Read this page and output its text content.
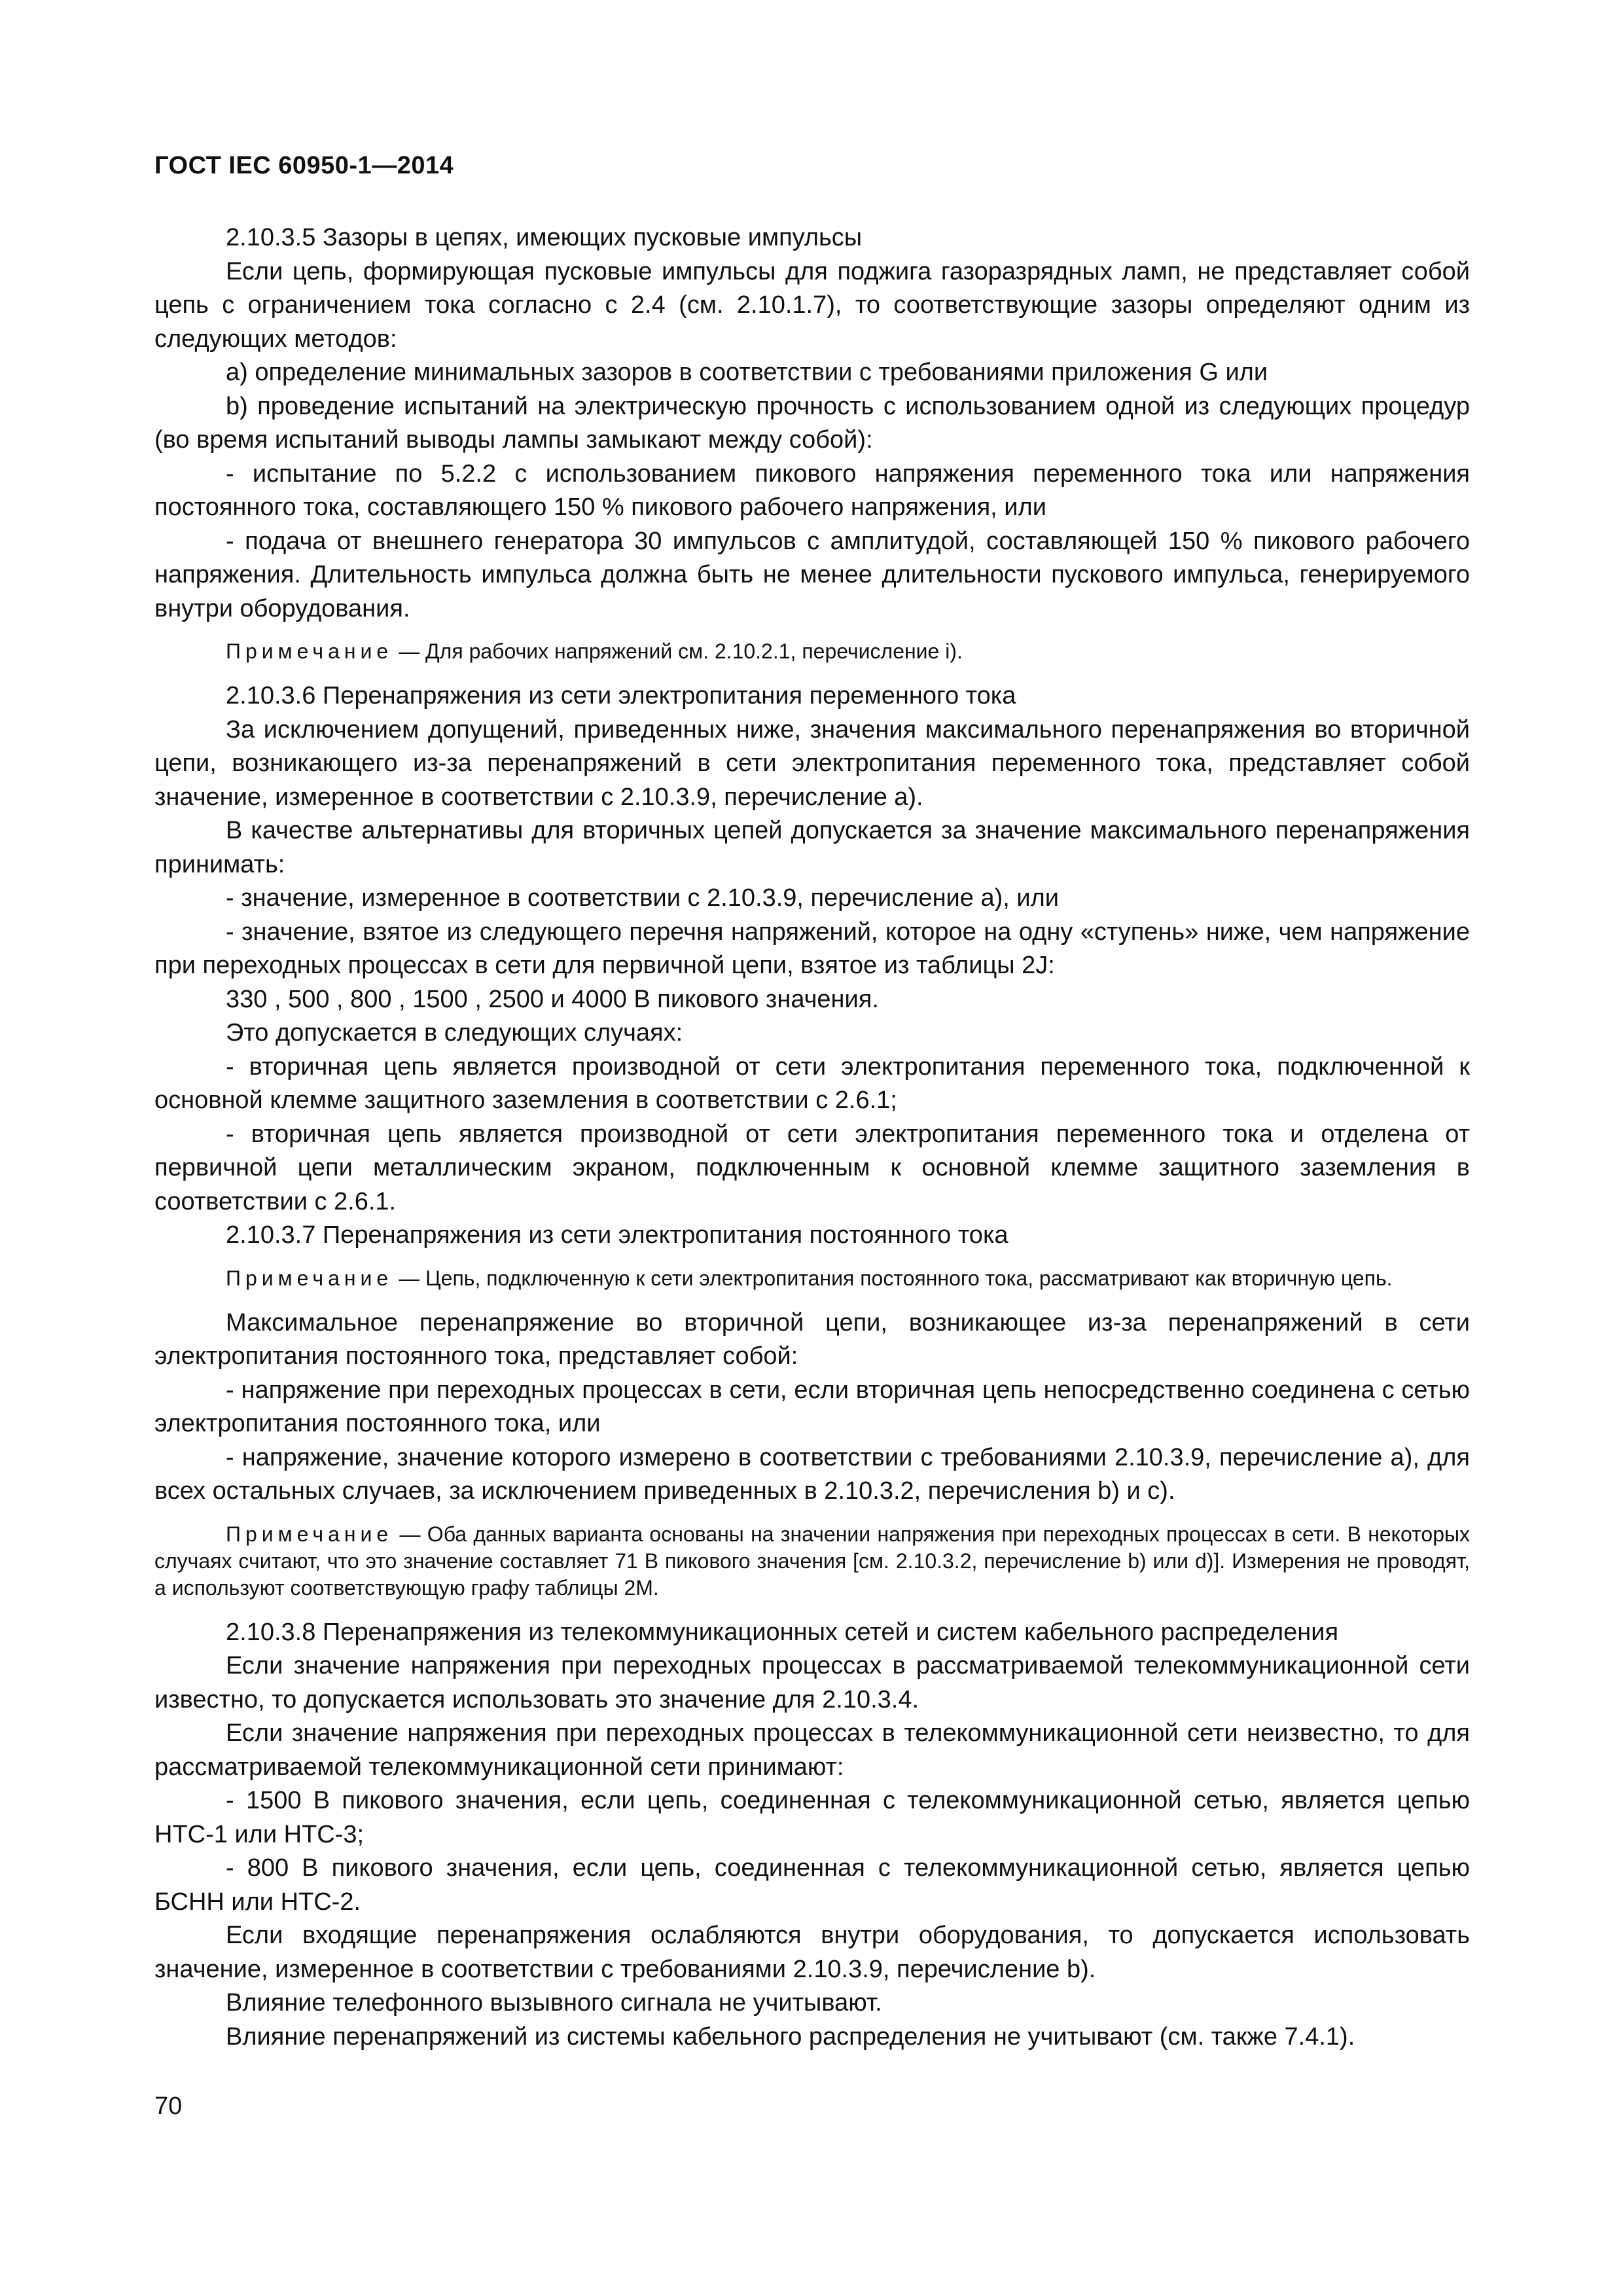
ГОСТ IEC 60950-1—2014

2.10.3.5 Зазоры в цепях, имеющих пусковые импульсы

Если цепь, формирующая пусковые импульсы для поджига газоразрядных ламп, не представляет собой цепь с ограничением тока согласно с 2.4 (см. 2.10.1.7), то соответствующие зазоры определяют одним из следующих методов:

a) определение минимальных зазоров в соответствии с требованиями приложения G или

b) проведение испытаний на электрическую прочность с использованием одной из следующих процедур (во время испытаний выводы лампы замыкают между собой):

- испытание по 5.2.2 с использованием пикового напряжения переменного тока или напряжения постоянного тока, составляющего 150 % пикового рабочего напряжения, или

- подача от внешнего генератора 30 импульсов с амплитудой, составляющей 150 % пикового рабочего напряжения. Длительность импульса должна быть не менее длительности пускового импульса, генерируемого внутри оборудования.

Примечание — Для рабочих напряжений см. 2.10.2.1, перечисление i).

2.10.3.6 Перенапряжения из сети электропитания переменного тока

За исключением допущений, приведенных ниже, значения максимального перенапряжения во вторичной цепи, возникающего из-за перенапряжений в сети электропитания переменного тока, представляет собой значение, измеренное в соответствии с 2.10.3.9, перечисление a).

В качестве альтернативы для вторичных цепей допускается за значение максимального перенапряжения принимать:

- значение, измеренное в соответствии с 2.10.3.9, перечисление a), или

- значение, взятое из следующего перечня напряжений, которое на одну «ступень» ниже, чем напряжение при переходных процессах в сети для первичной цепи, взятое из таблицы 2J:

330 , 500 , 800 , 1500 , 2500 и 4000 В пикового значения.

Это допускается в следующих случаях:

- вторичная цепь является производной от сети электропитания переменного тока, подключенной к основной клемме защитного заземления в соответствии с 2.6.1;

- вторичная цепь является производной от сети электропитания переменного тока и отделена от первичной цепи металлическим экраном, подключенным к основной клемме защитного заземления в соответствии с 2.6.1.

2.10.3.7 Перенапряжения из сети электропитания постоянного тока

Примечание — Цепь, подключенную к сети электропитания постоянного тока, рассматривают как вторичную цепь.

Максимальное перенапряжение во вторичной цепи, возникающее из-за перенапряжений в сети электропитания постоянного тока, представляет собой:

- напряжение при переходных процессах в сети, если вторичная цепь непосредственно соединена с сетью электропитания постоянного тока, или

- напряжение, значение которого измерено в соответствии с требованиями 2.10.3.9, перечисление a), для всех остальных случаев, за исключением приведенных в 2.10.3.2, перечисления b) и c).

Примечание — Оба данных варианта основаны на значении напряжения при переходных процессах в сети. В некоторых случаях считают, что это значение составляет 71 В пикового значения [см. 2.10.3.2, перечисление b) или d)]. Измерения не проводят, а используют соответствующую графу таблицы 2М.

2.10.3.8 Перенапряжения из телекоммуникационных сетей и систем кабельного распределения

Если значение напряжения при переходных процессах в рассматриваемой телекоммуникационной сети известно, то допускается использовать это значение для 2.10.3.4.

Если значение напряжения при переходных процессах в телекоммуникационной сети неизвестно, то для рассматриваемой телекоммуникационной сети принимают:

- 1500 В пикового значения, если цепь, соединенная с телекоммуникационной сетью, является цепью НТС-1 или НТС-3;

- 800 В пикового значения, если цепь, соединенная с телекоммуникационной сетью, является цепью БСНН или НТС-2.

Если входящие перенапряжения ослабляются внутри оборудования, то допускается использовать значение, измеренное в соответствии с требованиями 2.10.3.9, перечисление b).

Влияние телефонного вызывного сигнала не учитывают.

Влияние перенапряжений из системы кабельного распределения не учитывают (см. также 7.4.1).

70
